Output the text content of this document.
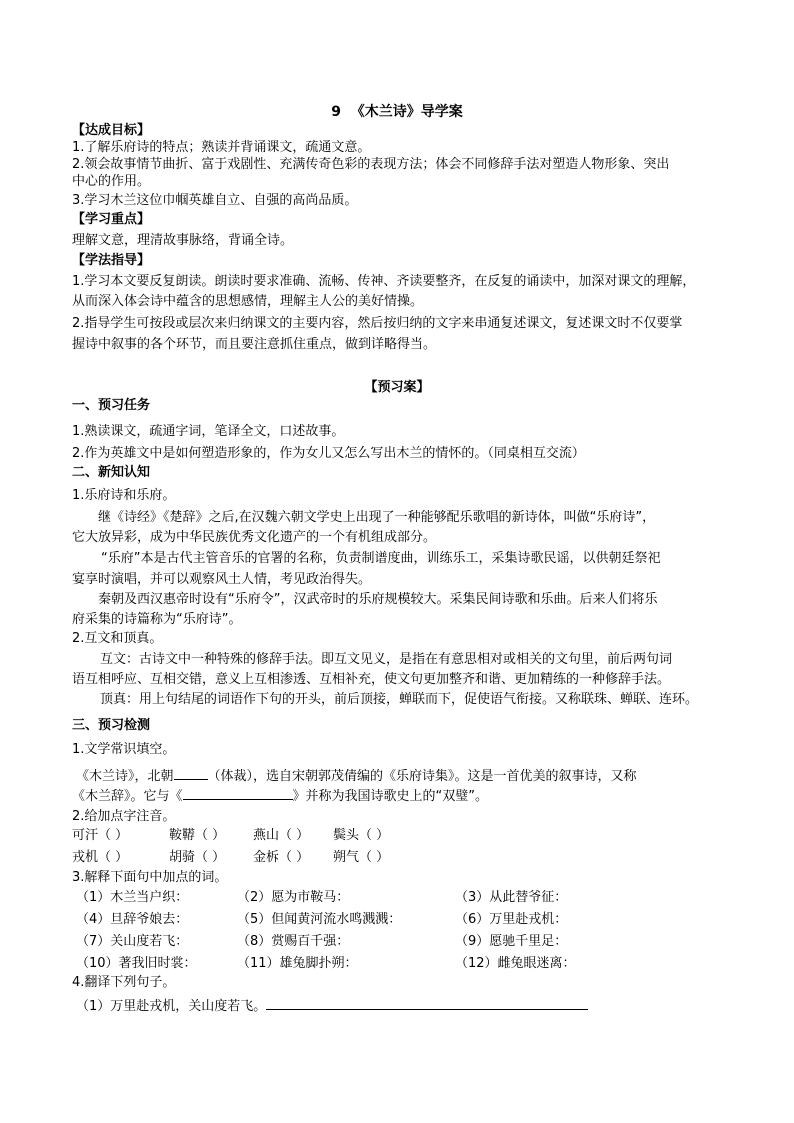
9  《木兰诗》导学案
【达成目标】
1.了解乐府诗的特点；熟读并背诵课文，疏通文意。
2.领会故事情节曲折、富于戏剧性、充满传奇色彩的表现方法；体会不同修辞手法对塑造人物形象、突出
中心的作用。
3.学习木兰这位巾帼英雄自立、自强的高尚品质。
【学习重点】
理解文意，理清故事脉络，背诵全诗。
【学法指导】
1.学习本文要反复朗读。朗读时要求准确、流畅、传神、齐读要整齐，在反复的诵读中，加深对课文的理解，
从而深入体会诗中蕴含的思想感情，理解主人公的美好情操。
2.指导学生可按段或层次来归纳课文的主要内容，然后按归纳的文字来串通复述课文，复述课文时不仅要掌
握诗中叙事的各个环节，而且要注意抓住重点，做到详略得当。
【预习案】
一、预习任务
1.熟读课文，疏通字词，笔译全文，口述故事。
2.作为英雄文中是如何塑造形象的，作为女儿又怎么写出木兰的情怀的。（同桌相互交流）
二、新知认知
1.乐府诗和乐府。
继《诗经》《楚辞》之后,在汉魏六朝文学史上出现了一种能够配乐歌唱的新诗体，叫做“乐府诗”，
它大放异彩，成为中华民族优秀文化遗产的一个有机组成部分。
“乐府”本是古代主管音乐的官署的名称，负责制谱度曲，训练乐工，采集诗歌民谣，以供朝廷祭祀
宴享时演唱，并可以观察风土人情，考见政治得失。
秦朝及西汉惠帝时设有“乐府令”，汉武帝时的乐府规模较大。采集民间诗歌和乐曲。后来人们将乐
府采集的诗篇称为“乐府诗”。
2.互文和顶真。
互文：古诗文中一种特殊的修辞手法。即互文见义，是指在有意思相对或相关的文句里，前后两句词
语互相呼应、互相交错，意义上互相渗透、互相补充，使文句更加整齐和谐、更加精练的一种修辞手法。
顶真：用上句结尾的词语作下句的开头，前后顶接，蝉联而下，促使语气衔接。又称联珠、蝉联、连环。
三、预习检测
1.文学常识填空。
《木兰诗》，北朝	（体裁），选自宋朝郭茂倩编的《乐府诗集》。这是一首优美的叙事诗，又称
《木兰辞》。它与《	》并称为我国诗歌史上的“双璧”。
2.给加点字注音。
可汗（ ）	鞍鞯（ ） 燕山（ ） 鬓头（ ）
戎机（ ）	胡骑（ ） 金柝（ ） 朔气（ ）
3.解释下面句中加点的词。
（1）木兰当户织：	（2）愿为市鞍马：	（3）从此替爷征：
（4）旦辞爷娘去：	（5）但闻黄河流水鸣溅溅：	（6）万里赴戎机：
（7）关山度若飞：	（8）赏赐百千强：	（9）愿驰千里足：
（10）著我旧时裳：	（11）雄兔脚扑朔：	（12）雌兔眼迷离：
4.翻译下列句子。
（1）万里赴戎机，关山度若飞。
